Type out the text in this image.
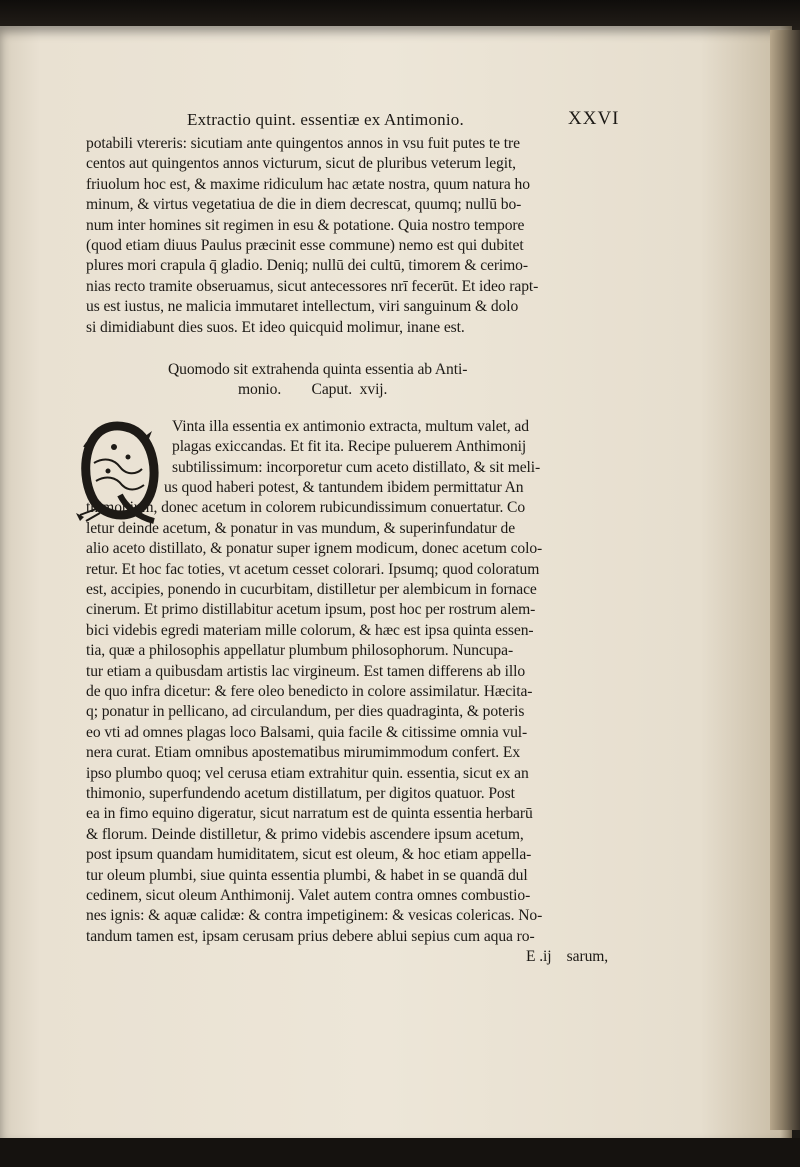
Extractio quint. essentiæ ex Antimonio.	XXVI
potabili vtereris: sicutiam ante quingentos annos in vsu fuit putes te tre
centos aut quingentos annos victurum, sicut de pluribus veterum legit,
friuolum hoc est, & maxime ridiculum hac ætate nostra, quum natura ho
minum, & virtus vegetatiua de die in diem decrescat, quumq; nullū bo-
num inter homines sit regimen in esu & potatione. Quia nostro tempore
(quod etiam diuus Paulus præcinit esse commune) nemo est qui dubitet
plures mori crapula q̄ gladio. Deniq; nullū dei cultū, timorem & cerimo-
nias recto tramite obseruamus, sicut antecessores nrī fecerūt. Et ideo rapt-
us est iustus, ne malicia immutaret intellectum, viri sanguinum & dolo
si dimidiabunt dies suos. Et ideo quicquid molimur, inane est.
Quomodo sit extrahenda quinta essentia ab Anti-
monio.        Caput.  xvij.
Vinta illa essentia ex antimonio extracta, multum valet, ad
plagas exiccandas. Et fit ita. Recipe puluerem Anthimonij
subtilissimum: incorporetur cum aceto distillato, & sit meli-
us quod haberi potest, & tantundem ibidem permittatur An
thimonium, donec acetum in colorem rubicundissimum conuertatur. Co
letur deinde acetum, & ponatur in vas mundum, & superinfundatur de
alio aceto distillato, & ponatur super ignem modicum, donec acetum colo-
retur. Et hoc fac toties, vt acetum cesset colorari. Ipsumq; quod coloratum
est, accipies, ponendo in cucurbitam, distilletur per alembicum in fornace
cinerum. Et primo distillabitur acetum ipsum, post hoc per rostrum alem-
bici videbis egredi materiam mille colorum, & hæc est ipsa quinta essen-
tia, quæ a philosophis appellatur plumbum philosophorum. Nuncupa-
tur etiam a quibusdam artistis lac virgineum. Est tamen differens ab illo
de quo infra dicetur: & fere oleo benedicto in colore assimilatur. Hæcita-
q; ponatur in pellicano, ad circulandum, per dies quadraginta, & poteris
eo vti ad omnes plagas loco Balsami, quia facile & citissime omnia vul-
nera curat. Etiam omnibus apostematibus mirumimmodum confert. Ex
ipso plumbo quoq; vel cerusa etiam extrahitur quin. essentia, sicut ex an
thimonio, superfundendo acetum distillatum, per digitos quatuor. Post
ea in fimo equino digeratur, sicut narratum est de quinta essentia herbarū
& florum. Deinde distilletur, & primo videbis ascendere ipsum acetum,
post ipsum quandam humiditatem, sicut est oleum, & hoc etiam appella-
tur oleum plumbi, siue quinta essentia plumbi, & habet in se quandā dul
cedinem, sicut oleum Anthimonij. Valet autem contra omnes combustio-
nes ignis: & aquæ calidæ: & contra impetiginem: & vesicas colericas. No-
tandum tamen est, ipsam cerusam prius debere ablui sepius cum aqua ro-
E .ij    sarum,
